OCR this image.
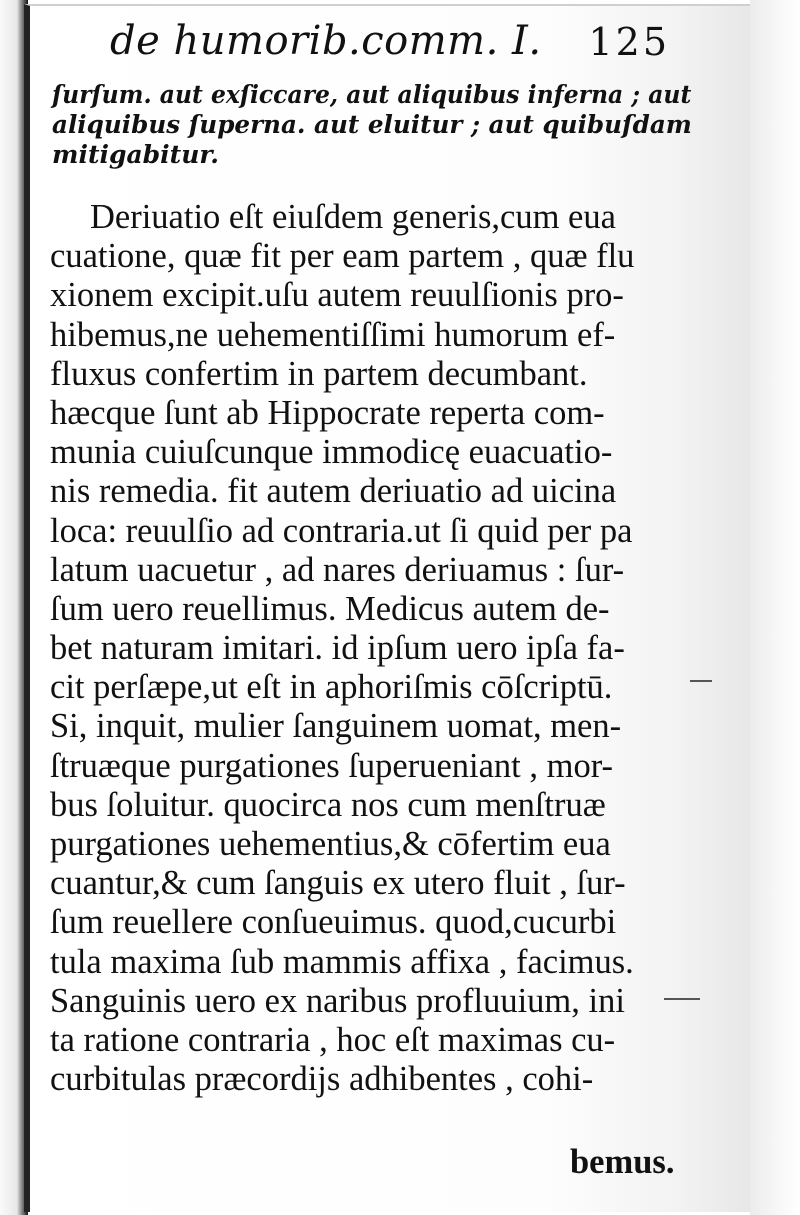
de humorib.comm. I. 125
ſurſum. aut exſiccare, aut aliquibus inferna ; aut
aliquibus ſuperna. aut eluitur ; aut quibuſdam
mitigabitur.
Deriuatio eſt eiuſdem generis,cum eua
cuatione, quæ fit per eam partem , quæ flu
xionem excipit.uſu autem reuulſionis pro-
hibemus,ne uehementiſſimi humorum ef-
fluxus confertim in partem decumbant.
hæcque ſunt ab Hippocrate reperta com-
munia cuiuſcunque immodicę euacuatio-
nis remedia. fit autem deriuatio ad uicina
loca: reuulſio ad contraria.ut ſi quid per pa
latum uacuetur , ad nares deriuamus : ſur-
ſum uero reuellimus. Medicus autem de-
bet naturam imitari. id ipſum uero ipſa fa-
cit perſæpe,ut eſt in aphoriſmis cōſcriptū.
Si, inquit, mulier ſanguinem uomat, men-
ſtruæque purgationes ſuperueniant , mor-
bus ſoluitur. quocirca nos cum menſtruæ
purgationes uehementius,& cōfertim eua
cuantur,& cum ſanguis ex utero fluit , ſur-
ſum reuellere conſueuimus. quod,cucurbi
tula maxima ſub mammis affixa , facimus.
Sanguinis uero ex naribus profluuium, ini
ta ratione contraria , hoc eſt maximas cu-
curbitulas præcordijs adhibentes , cohi-
bemus.
